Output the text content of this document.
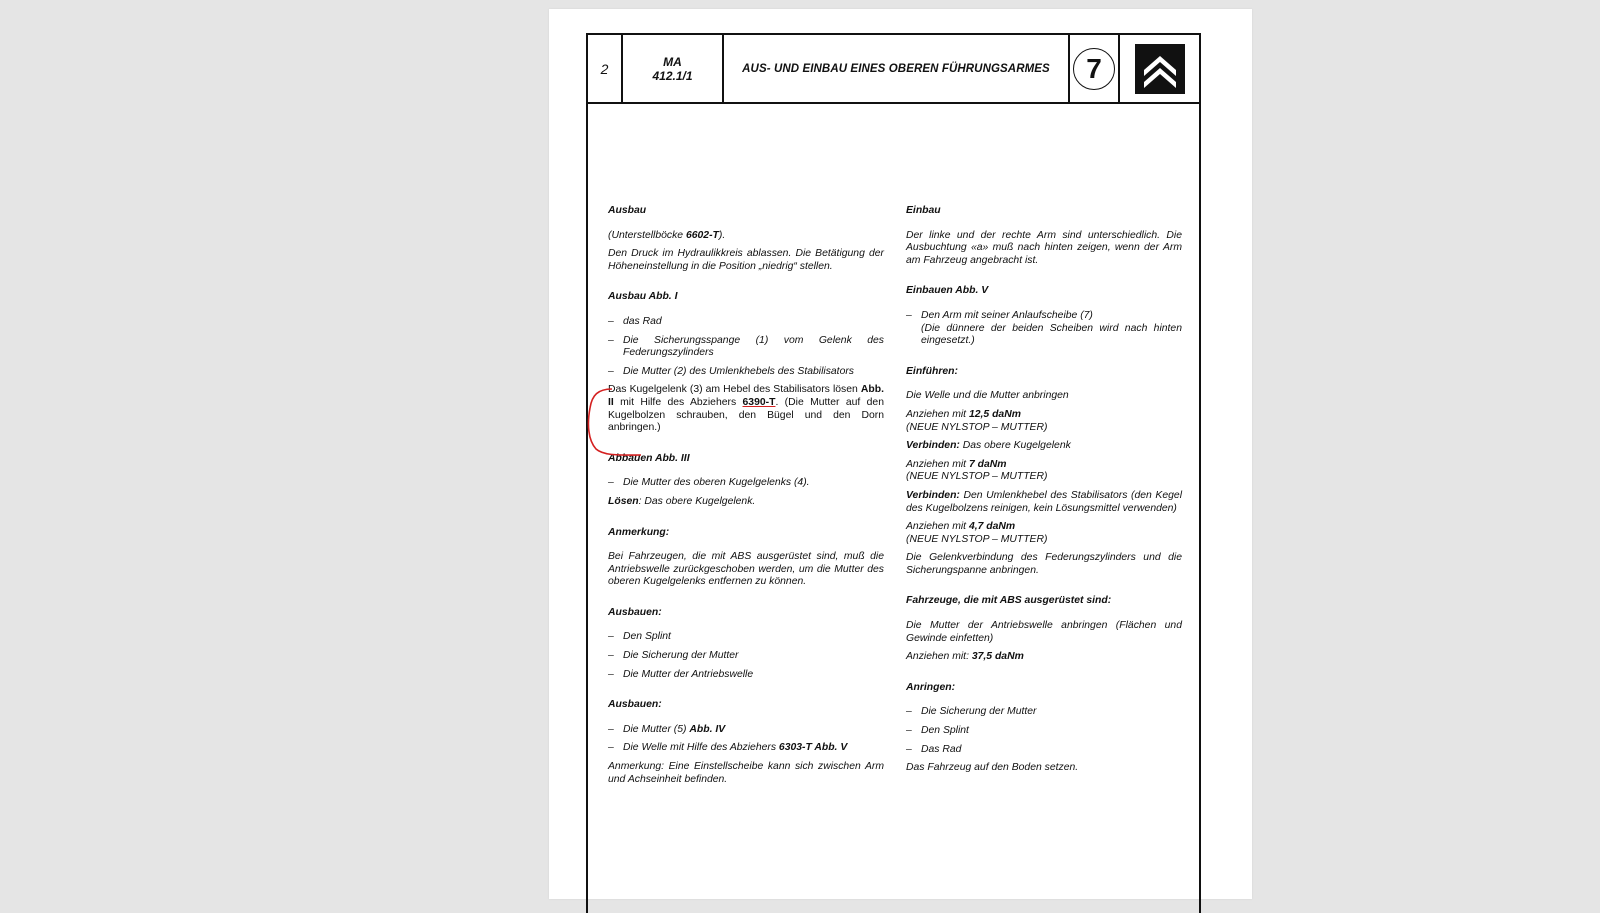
2	MA
412.1/1	AUS- UND EINBAU EINES OBEREN FÜHRUNGSARMES	7

Ausbau

(Unterstellböcke 6602-T).

Den Druck im Hydraulikkreis ablassen. Die Betätigung der Höheneinstellung in die Position „niedrig“ stellen.

Ausbau Abb. I

– das Rad
– Die Sicherungsspange (1) vom Gelenk des Federungszylinders
– Die Mutter (2) des Umlenkhebels des Stabilisators

Das Kugelgelenk (3) am Hebel des Stabilisators lösen Abb. II mit Hilfe des Abziehers 6390-T. (Die Mutter auf den Kugelbolzen schrauben, den Bügel und den Dorn anbringen.)

Abbauen Abb. III

– Die Mutter des oberen Kugelgelenks (4).

Lösen: Das obere Kugelgelenk.

Anmerkung:

Bei Fahrzeugen, die mit ABS ausgerüstet sind, muß die Antriebswelle zurückgeschoben werden, um die Mutter des oberen Kugelgelenks entfernen zu können.

Ausbauen:

– Den Splint
– Die Sicherung der Mutter
– Die Mutter der Antriebswelle

Ausbauen:

– Die Mutter (5) Abb. IV
– Die Welle mit Hilfe des Abziehers 6303-T Abb. V

Anmerkung: Eine Einstellscheibe kann sich zwischen Arm und Achseinheit befinden.

Einbau

Der linke und der rechte Arm sind unterschiedlich. Die Ausbuchtung «a» muß nach hinten zeigen, wenn der Arm am Fahrzeug angebracht ist.

Einbauen Abb. V

– Den Arm mit seiner Anlaufscheibe (7)
(Die dünnere der beiden Scheiben wird nach hinten eingesetzt.)

Einführen:

Die Welle und die Mutter anbringen

Anziehen mit 12,5 daNm
(NEUE NYLSTOP – MUTTER)

Verbinden: Das obere Kugelgelenk

Anziehen mit 7 daNm
(NEUE NYLSTOP – MUTTER)

Verbinden: Den Umlenkhebel des Stabilisators (den Kegel des Kugelbolzens reinigen, kein Lösungsmittel verwenden)

Anziehen mit 4,7 daNm
(NEUE NYLSTOP – MUTTER)

Die Gelenkverbindung des Federungszylinders und die Sicherungspanne anbringen.

Fahrzeuge, die mit ABS ausgerüstet sind:

Die Mutter der Antriebswelle anbringen (Flächen und Gewinde einfetten)

Anziehen mit: 37,5 daNm

Anringen:

– Die Sicherung der Mutter
– Den Splint
– Das Rad

Das Fahrzeug auf den Boden setzen.
